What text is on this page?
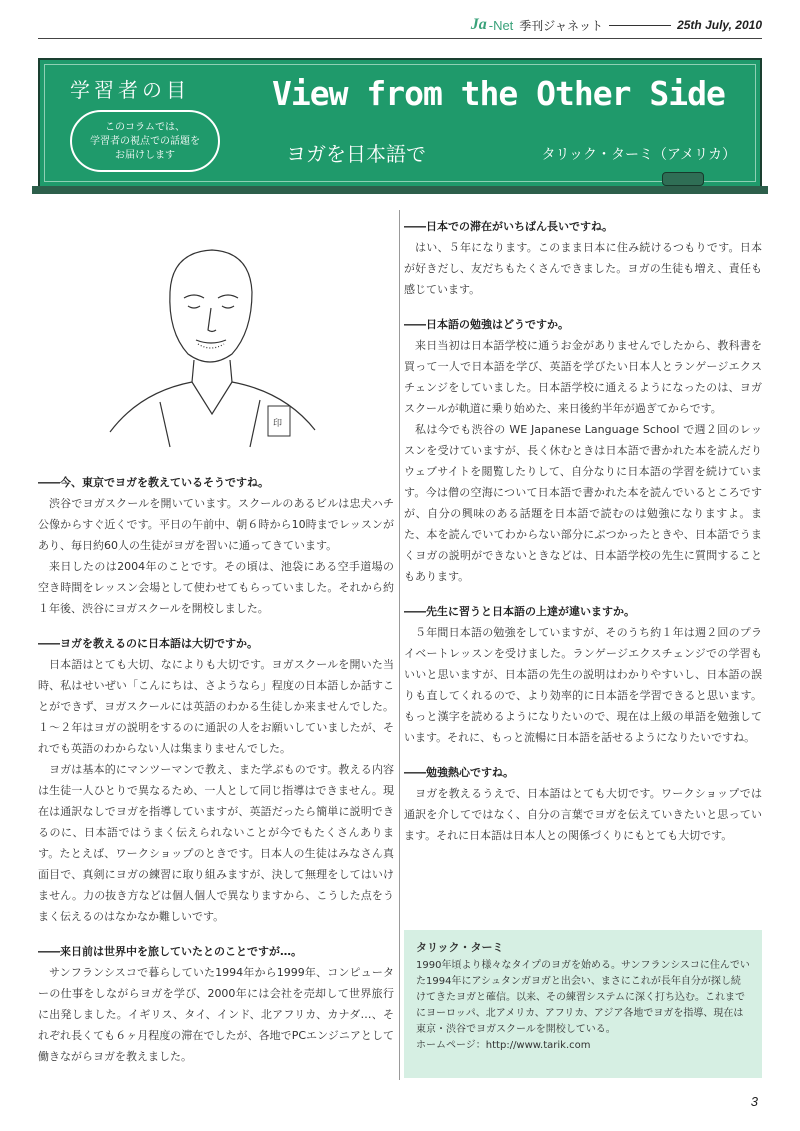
Ja -Net 季刊ジャネット	25th July, 2010
学習者の目
このコラムでは、
学習者の視点での話題を
お届けします
View from the Other Side
ヨガを日本語で	タリック・ターミ（アメリカ）
印
――今、東京でヨガを教えているそうですね。
渋谷でヨガスクールを開いています。スクールのあるビルは忠犬ハチ公像からすぐ近くです。平日の午前中、朝６時から10時までレッスンがあり、毎日約60人の生徒がヨガを習いに通ってきています。
来日したのは2004年のことです。その頃は、池袋にある空手道場の空き時間をレッスン会場として使わせてもらっていました。それから約１年後、渋谷にヨガスクールを開校しました。
――ヨガを教えるのに日本語は大切ですか。
日本語はとても大切、なによりも大切です。ヨガスクールを開いた当時、私はせいぜい「こんにちは、さようなら」程度の日本語しか話すことができず、ヨガスクールには英語のわかる生徒しか来ませんでした。１～２年はヨガの説明をするのに通訳の人をお願いしていましたが、それでも英語のわからない人は集まりませんでした。
ヨガは基本的にマンツーマンで教え、また学ぶものです。教える内容は生徒一人ひとりで異なるため、一人として同じ指導はできません。現在は通訳なしでヨガを指導していますが、英語だったら簡単に説明できるのに、日本語ではうまく伝えられないことが今でもたくさんあります。たとえば、ワークショップのときです。日本人の生徒はみなさん真面目で、真剣にヨガの練習に取り組みますが、決して無理をしてはいけません。力の抜き方などは個人個人で異なりますから、こうした点をうまく伝えるのはなかなか難しいです。
――来日前は世界中を旅していたとのことですが…。
サンフランシスコで暮らしていた1994年から1999年、コンピューターの仕事をしながらヨガを学び、2000年には会社を売却して世界旅行に出発しました。イギリス、タイ、インド、北アフリカ、カナダ…、それぞれ長くても６ヶ月程度の滞在でしたが、各地でPCエンジニアとして働きながらヨガを教えました。
――日本での滞在がいちばん長いですね。
はい、５年になります。このまま日本に住み続けるつもりです。日本が好きだし、友だちもたくさんできました。ヨガの生徒も増え、責任も感じています。
――日本語の勉強はどうですか。
来日当初は日本語学校に通うお金がありませんでしたから、教科書を買って一人で日本語を学び、英語を学びたい日本人とランゲージエクスチェンジをしていました。日本語学校に通えるようになったのは、ヨガスクールが軌道に乗り始めた、来日後約半年が過ぎてからです。
私は今でも渋谷の WE Japanese Language School で週２回のレッスンを受けていますが、長く休むときは日本語で書かれた本を読んだりウェブサイトを閲覧したりして、自分なりに日本語の学習を続けています。今は僧の空海について日本語で書かれた本を読んでいるところですが、自分の興味のある話題を日本語で読むのは勉強になりますよ。また、本を読んでいてわからない部分にぶつかったときや、日本語でうまくヨガの説明ができないときなどは、日本語学校の先生に質問することもあります。
――先生に習うと日本語の上達が違いますか。
５年間日本語の勉強をしていますが、そのうち約１年は週２回のプライベートレッスンを受けました。ランゲージエクスチェンジでの学習もいいと思いますが、日本語の先生の説明はわかりやすいし、日本語の誤りも直してくれるので、より効率的に日本語を学習できると思います。もっと漢字を読めるようになりたいので、現在は上級の単語を勉強しています。それに、もっと流暢に日本語を話せるようになりたいですね。
――勉強熱心ですね。
ヨガを教えるうえで、日本語はとても大切です。ワークショップでは通訳を介してではなく、自分の言葉でヨガを伝えていきたいと思っています。それに日本語は日本人との関係づくりにもとても大切です。
タリック・ターミ
1990年頃より様々なタイプのヨガを始める。サンフランシスコに住んでいた1994年にアシュタンガヨガと出会い、まさにこれが長年自分が探し続けてきたヨガと確信。以来、その練習システムに深く打ち込む。これまでにヨーロッパ、北アメリカ、アフリカ、アジア各地でヨガを指導、現在は東京・渋谷でヨガスクールを開校している。
ホームページ：http://www.tarik.com
3
